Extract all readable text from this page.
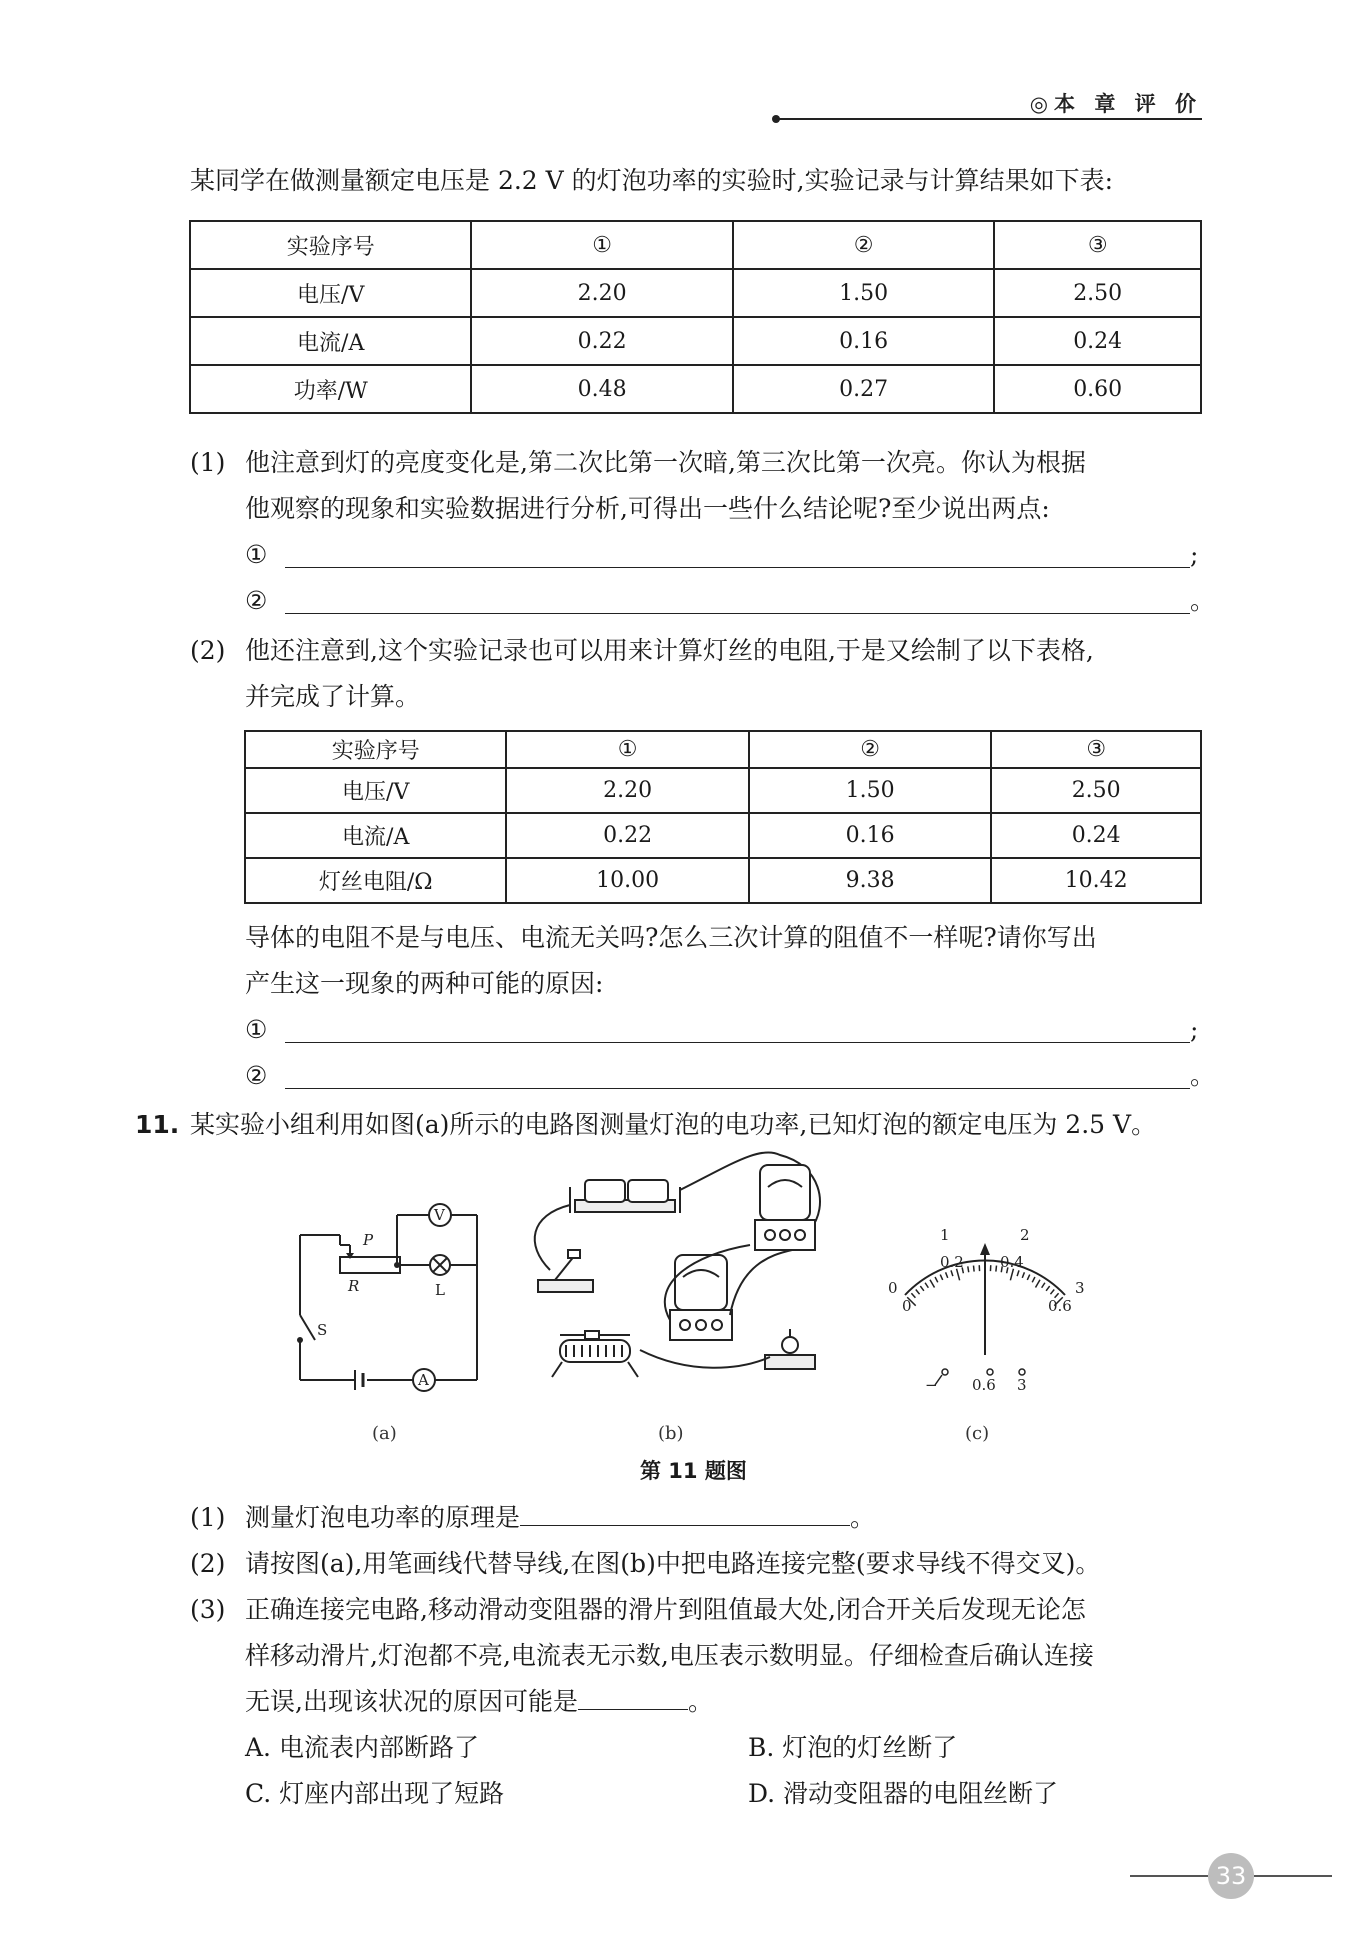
◎本 章 评 价
某同学在做测量额定电压是 2.2 V 的灯泡功率的实验时,实验记录与计算结果如下表:
实验序号	①	②	③
电压/V	2.20	1.50	2.50
电流/A	0.22	0.16	0.24
功率/W	0.48	0.27	0.60
(1) 他注意到灯的亮度变化是,第二次比第一次暗,第三次比第一次亮。你认为根据
他观察的现象和实验数据进行分析,可得出一些什么结论呢?至少说出两点:
①	;
②	。
(2) 他还注意到,这个实验记录也可以用来计算灯丝的电阻,于是又绘制了以下表格,
并完成了计算。
实验序号	①	②	③
电压/V	2.20	1.50	2.50
电流/A	0.22	0.16	0.24
灯丝电阻/Ω	10.00	9.38	10.42
导体的电阻不是与电压、电流无关吗?怎么三次计算的阻值不一样呢?请你写出
产生这一现象的两种可能的原因:
①	;
②	。
11. 某实验小组利用如图(a)所示的电路图测量灯泡的电功率,已知灯泡的额定电压为 2.5 V。
V
A
P
R	L
S
0
1	2
3
0
0.2 0.4
0.6
− 0.6 3
(a)	(b)	(c)
第 11 题图
(1) 测量灯泡电功率的原理是	。
(2) 请按图(a),用笔画线代替导线,在图(b)中把电路连接完整(要求导线不得交叉)。
(3) 正确连接完电路,移动滑动变阻器的滑片到阻值最大处,闭合开关后发现无论怎
样移动滑片,灯泡都不亮,电流表无示数,电压表示数明显。仔细检查后确认连接
无误,出现该状况的原因可能是	。
A. 电流表内部断路了	B. 灯泡的灯丝断了
C. 灯座内部出现了短路	D. 滑动变阻器的电阻丝断了
33
